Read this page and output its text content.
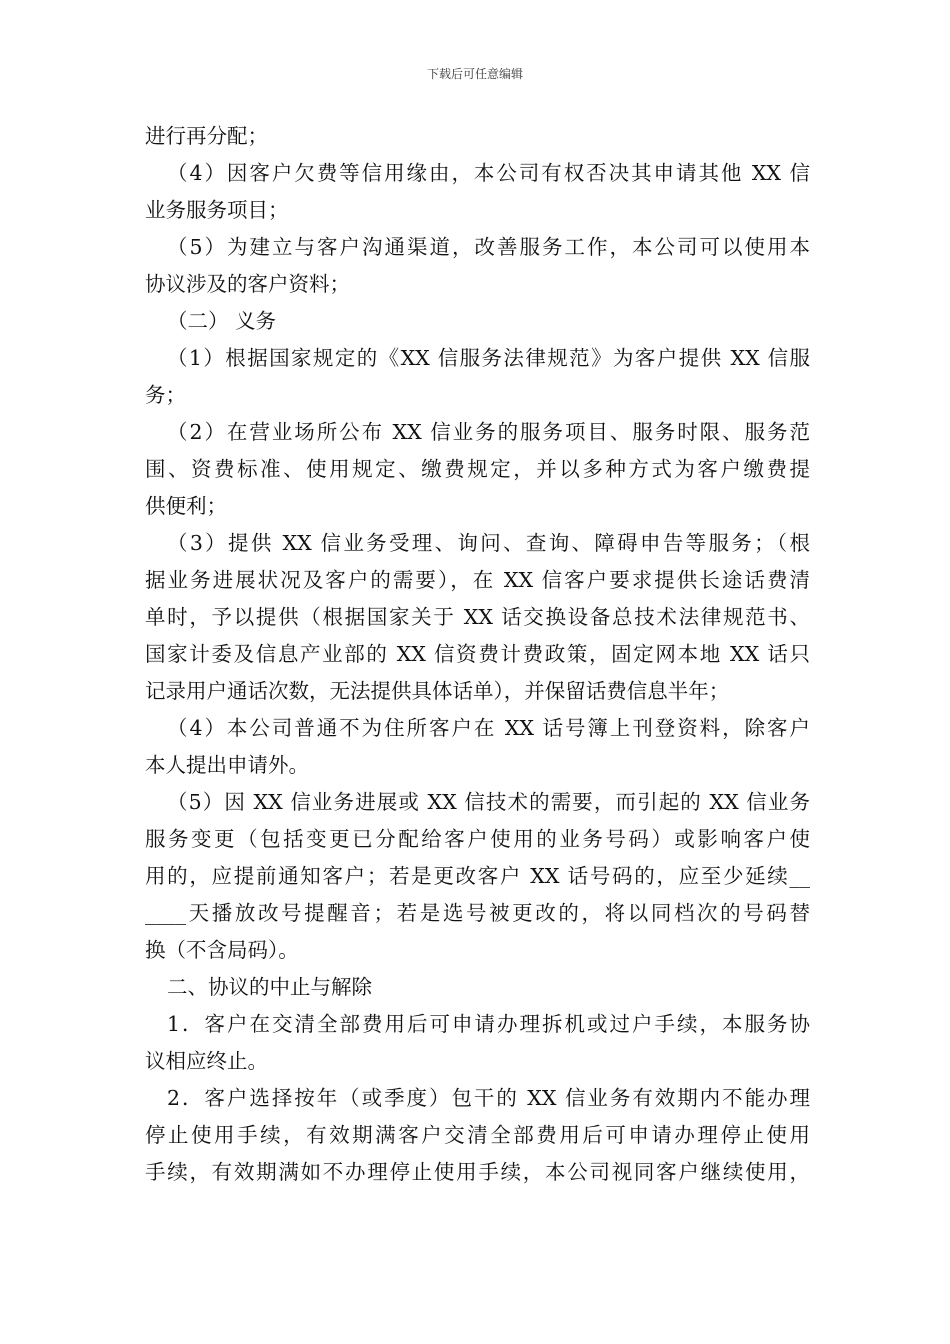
下载后可任意编辑
进行再分配；
（4）因客户欠费等信用缘由，本公司有权否决其申请其他 XX 信
业务服务项目；
（5）为建立与客户沟通渠道，改善服务工作，本公司可以使用本
协议涉及的客户资料；
（二） 义务
（1）根据国家规定的《XX 信服务法律规范》为客户提供 XX 信服
务；
（2）在营业场所公布 XX 信业务的服务项目、服务时限、服务范
围、资费标准、使用规定、缴费规定，并以多种方式为客户缴费提
供便利；
（3）提供 XX 信业务受理、询问、查询、障碍申告等服务；（根
据业务进展状况及客户的需要），在 XX 信客户要求提供长途话费清
单时，予以提供（根据国家关于 XX 话交换设备总技术法律规范书、
国家计委及信息产业部的 XX 信资费计费政策，固定网本地 XX 话只
记录用户通话次数，无法提供具体话单），并保留话费信息半年；
（4）本公司普通不为住所客户在 XX 话号簿上刊登资料，除客户
本人提出申请外。
（5）因 XX 信业务进展或 XX 信技术的需要，而引起的 XX 信业务
服务变更（包括变更已分配给客户使用的业务号码）或影响客户使
用的，应提前通知客户；若是更改客户 XX 话号码的，应至少延续__
____天播放改号提醒音；若是选号被更改的，将以同档次的号码替
换（不含局码）。
二、协议的中止与解除
1．客户在交清全部费用后可申请办理拆机或过户手续，本服务协
议相应终止。
2．客户选择按年（或季度）包干的 XX 信业务有效期内不能办理
停止使用手续，有效期满客户交清全部费用后可申请办理停止使用
手续，有效期满如不办理停止使用手续，本公司视同客户继续使用，
